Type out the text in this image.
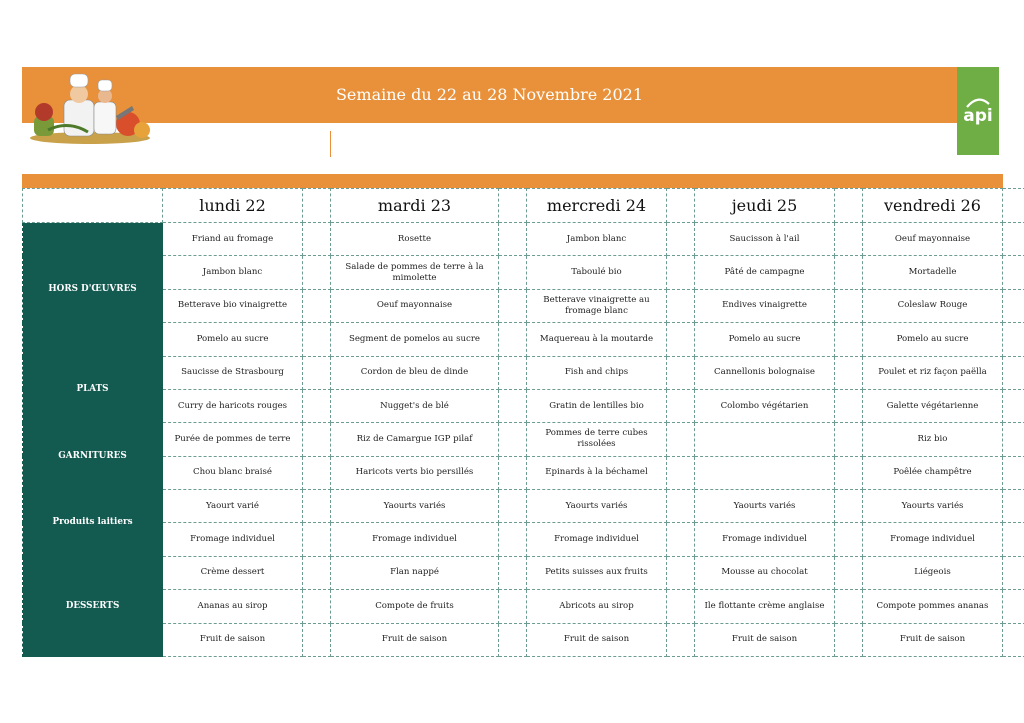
Semaine du 22 au 28 Novembre 2021
api
	lundi 22		mardi 23		mercredi 24		jeudi 25		vendredi 26	
HORS D'ŒUVRES	Friand au fromage		Rosette		Jambon blanc		Saucisson à l'ail		Oeuf mayonnaise	
	Jambon blanc		Salade de pommes de terre à la mimolette		Taboulé bio		Pâté de campagne		Mortadelle	
	Betterave bio vinaigrette		Oeuf mayonnaise		Betterave vinaigrette au fromage blanc		Endives vinaigrette		Coleslaw Rouge	
	Pomelo au sucre		Segment de pomelos au sucre		Maquereau à la moutarde		Pomelo au sucre		Pomelo au sucre	
PLATS	Saucisse de Strasbourg		Cordon de bleu de dinde		Fish and chips		Cannellonis bolognaise		Poulet et riz façon paëlla	
	Curry de haricots rouges		Nugget's de blé		Gratin de lentilles bio		Colombo végétarien		Galette végétarienne	
GARNITURES	Purée de pommes de terre		Riz de Camargue IGP pilaf		Pommes de terre cubes rissolées				Riz bio	
	Chou blanc braisé		Haricots verts bio persillés		Epinards à la béchamel				Poêlée champêtre	
Produits laitiers	Yaourt varié		Yaourts variés		Yaourts variés		Yaourts variés		Yaourts variés	
	Fromage individuel		Fromage individuel		Fromage individuel		Fromage individuel		Fromage individuel	
DESSERTS	Crème dessert		Flan nappé		Petits suisses aux fruits		Mousse au chocolat		Liégeois	
	Ananas au sirop		Compote de fruits		Abricots au sirop		Ile flottante crème anglaise		Compote pommes ananas	
	Fruit de saison		Fruit de saison		Fruit de saison		Fruit de saison		Fruit de saison	
